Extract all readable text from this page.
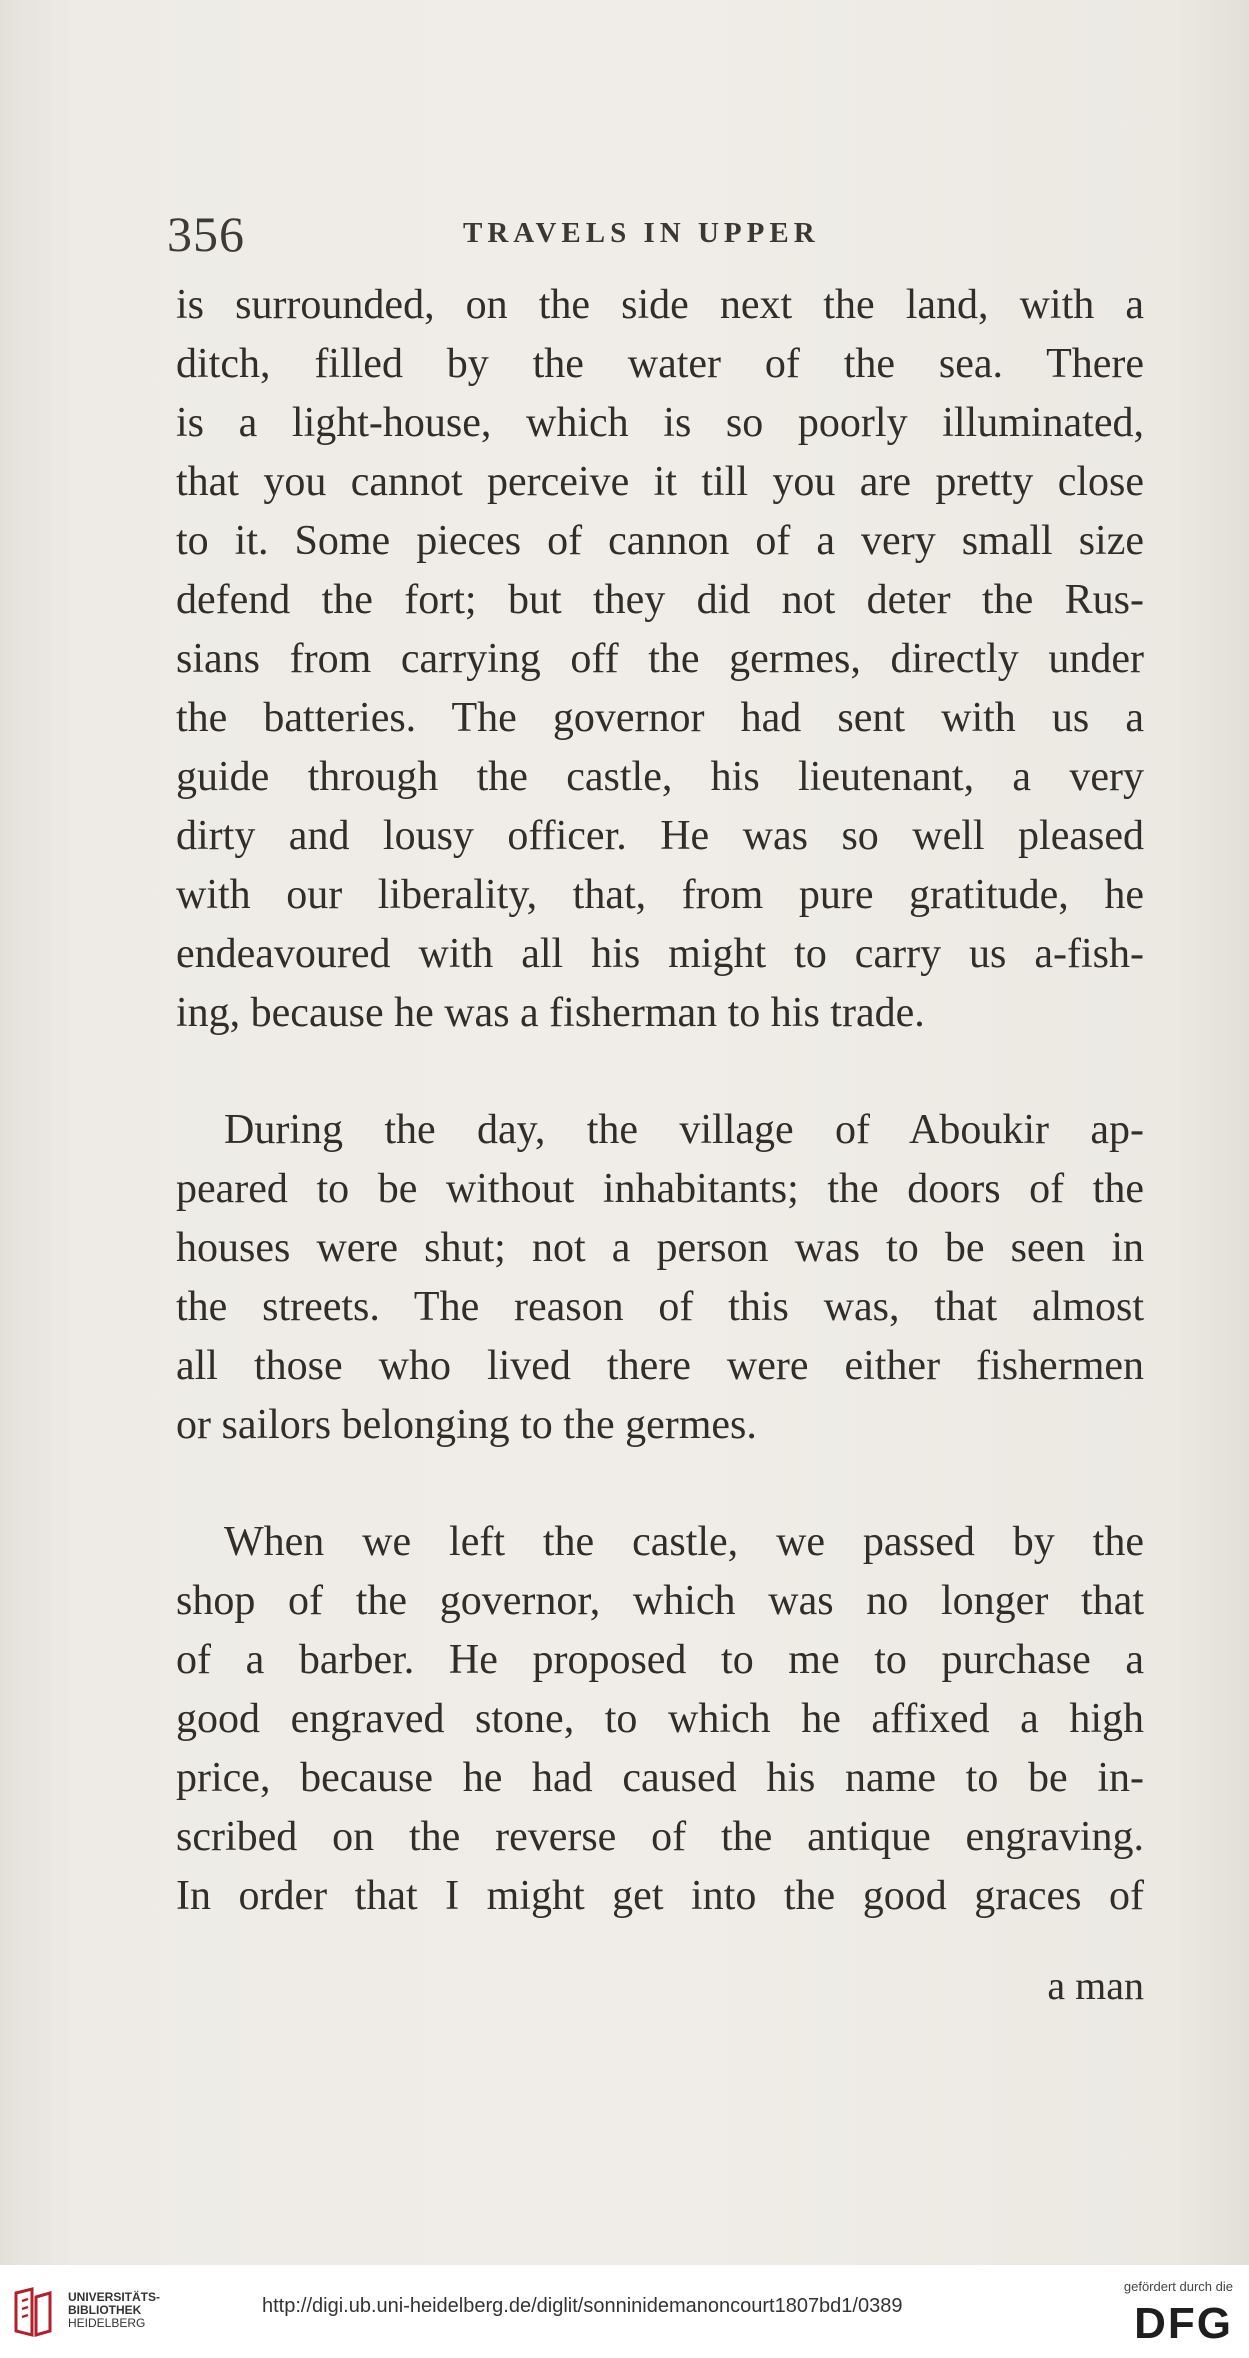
356	TRAVELS IN UPPER
is surrounded, on the side next the land, with a
ditch, filled by the water of the sea. There
is a light-house, which is so poorly illuminated,
that you cannot perceive it till you are pretty close
to it. Some pieces of cannon of a very small size
defend the fort; but they did not deter the Rus-
sians from carrying off the germes, directly under
the batteries. The governor had sent with us a
guide through the castle, his lieutenant, a very
dirty and lousy officer. He was so well pleased
with our liberality, that, from pure gratitude, he
endeavoured with all his might to carry us a-fish-
ing, because he was a fisherman to his trade.
During the day, the village of Aboukir ap-
peared to be without inhabitants; the doors of the
houses were shut; not a person was to be seen in
the streets. The reason of this was, that almost
all those who lived there were either fishermen
or sailors belonging to the germes.
When we left the castle, we passed by the
shop of the governor, which was no longer that
of a barber. He proposed to me to purchase a
good engraved stone, to which he affixed a high
price, because he had caused his name to be in-
scribed on the reverse of the antique engraving.
In order that I might get into the good graces of
a man
UNIVERSITÄTS-
BIBLIOTHEK
HEIDELBERG
http://digi.ub.uni-heidelberg.de/diglit/sonninidemanoncourt1807bd1/0389
gefördert durch die
DFG
